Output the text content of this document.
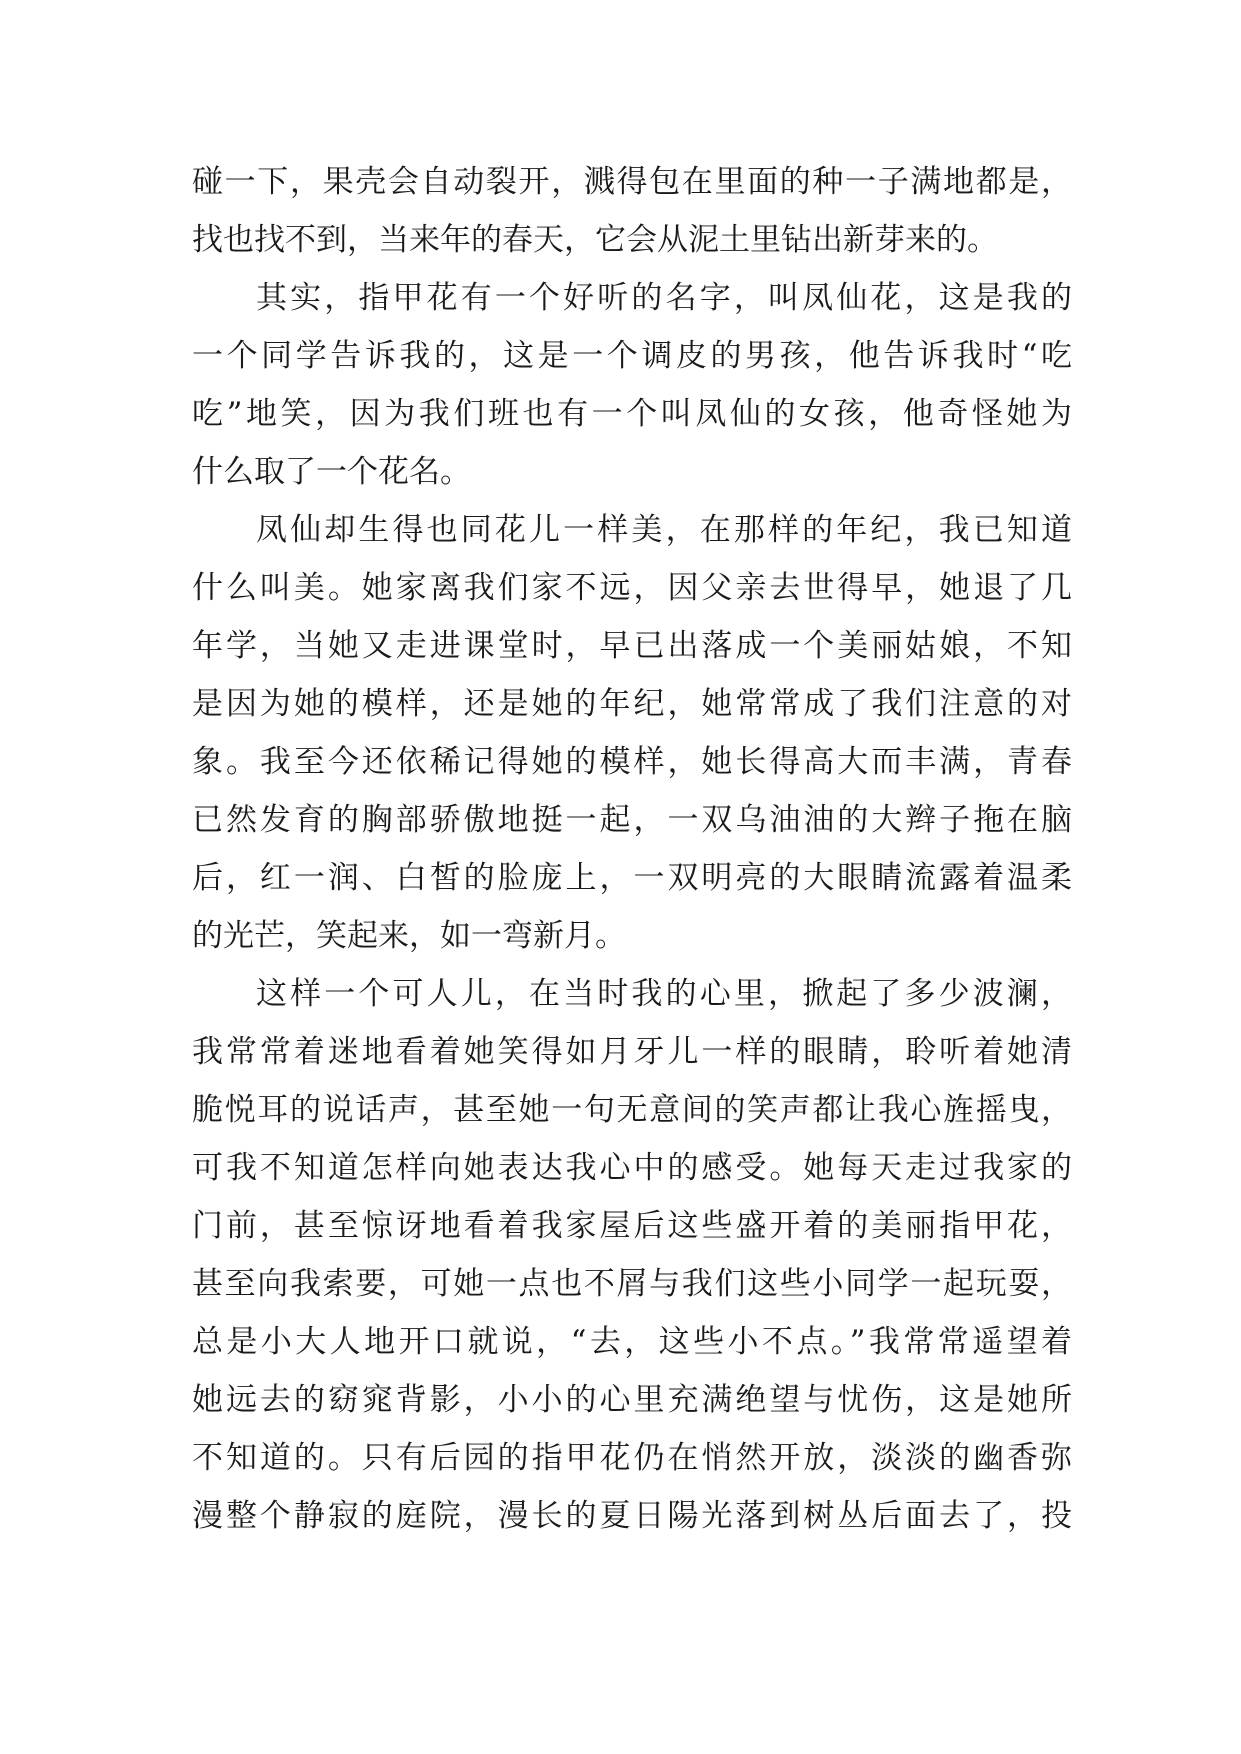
碰一下，果壳会自动裂开，溅得包在里面的种一子满地都是，
找也找不到，当来年的春天，它会从泥土里钻出新芽来的。
其实，指甲花有一个好听的名字，叫凤仙花，这是我的
一个同学告诉我的，这是一个调皮的男孩，他告诉我时“吃
吃”地笑，因为我们班也有一个叫凤仙的女孩，他奇怪她为
什么取了一个花名。
凤仙却生得也同花儿一样美，在那样的年纪，我已知道
什么叫美。她家离我们家不远，因父亲去世得早，她退了几
年学，当她又走进课堂时，早已出落成一个美丽姑娘，不知
是因为她的模样，还是她的年纪，她常常成了我们注意的对
象。我至今还依稀记得她的模样，她长得高大而丰满，青春
已然发育的胸部骄傲地挺一起，一双乌油油的大辫子拖在脑
后，红一润、白皙的脸庞上，一双明亮的大眼睛流露着温柔
的光芒，笑起来，如一弯新月。
这样一个可人儿，在当时我的心里，掀起了多少波澜，
我常常着迷地看着她笑得如月牙儿一样的眼睛，聆听着她清
脆悦耳的说话声，甚至她一句无意间的笑声都让我心旌摇曳，
可我不知道怎样向她表达我心中的感受。她每天走过我家的
门前，甚至惊讶地看着我家屋后这些盛开着的美丽指甲花，
甚至向我索要，可她一点也不屑与我们这些小同学一起玩耍，
总是小大人地开口就说，“去，这些小不点。”我常常遥望着
她远去的窈窕背影，小小的心里充满绝望与忧伤，这是她所
不知道的。只有后园的指甲花仍在悄然开放，淡淡的幽香弥
漫整个静寂的庭院，漫长的夏日陽光落到树丛后面去了，投
